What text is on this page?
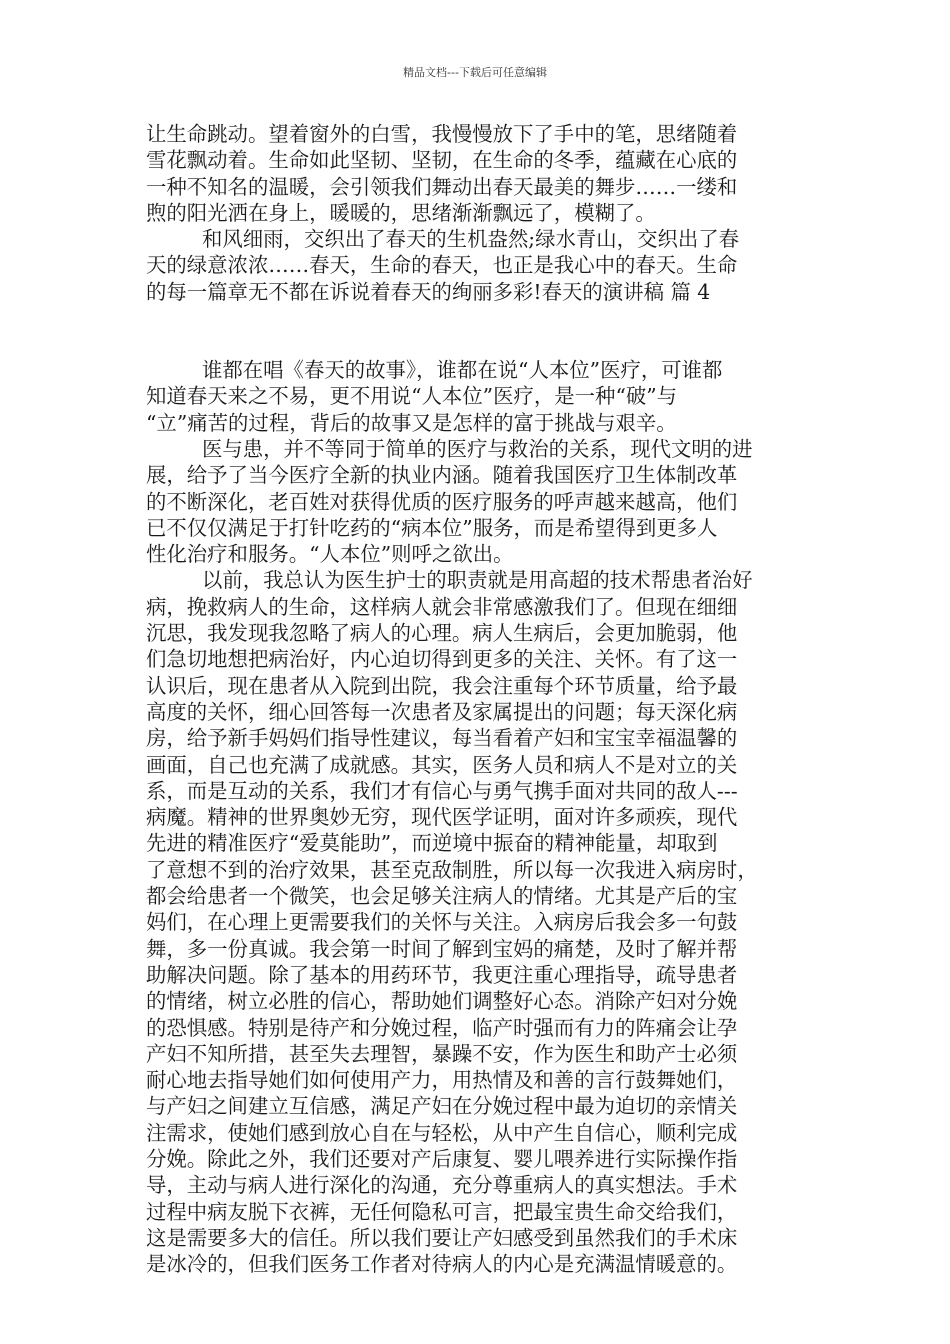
精品文档---下载后可任意编辑
让生命跳动。望着窗外的白雪，我慢慢放下了手中的笔，思绪随着
雪花飘动着。生命如此坚韧、坚韧，在生命的冬季，蕴藏在心底的
一种不知名的温暖，会引领我们舞动出春天最美的舞步……一缕和
煦的阳光洒在身上，暖暖的，思绪渐渐飘远了，模糊了。
和风细雨，交织出了春天的生机盎然;绿水青山，交织出了春
天的绿意浓浓……春天，生命的春天，也正是我心中的春天。生命
的每一篇章无不都在诉说着春天的绚丽多彩!春天的演讲稿 篇 4
谁都在唱《春天的故事》，谁都在说“人本位”医疗，可谁都
知道春天来之不易，更不用说“人本位”医疗，是一种“破”与
“立”痛苦的过程，背后的故事又是怎样的富于挑战与艰辛。
医与患，并不等同于简单的医疗与救治的关系，现代文明的进
展，给予了当今医疗全新的执业内涵。随着我国医疗卫生体制改革
的不断深化，老百姓对获得优质的医疗服务的呼声越来越高，他们
已不仅仅满足于打针吃药的“病本位”服务，而是希望得到更多人
性化治疗和服务。“人本位”则呼之欲出。
以前，我总认为医生护士的职责就是用高超的技术帮患者治好
病，挽救病人的生命，这样病人就会非常感激我们了。但现在细细
沉思，我发现我忽略了病人的心理。病人生病后，会更加脆弱，他
们急切地想把病治好，内心迫切得到更多的关注、关怀。有了这一
认识后，现在患者从入院到出院，我会注重每个环节质量，给予最
高度的关怀，细心回答每一次患者及家属提出的问题；每天深化病
房，给予新手妈妈们指导性建议，每当看着产妇和宝宝幸福温馨的
画面，自己也充满了成就感。其实，医务人员和病人不是对立的关
系，而是互动的关系，我们才有信心与勇气携手面对共同的敌人---
病魔。精神的世界奥妙无穷，现代医学证明，面对许多顽疾，现代
先进的精准医疗“爱莫能助”，而逆境中振奋的精神能量，却取到
了意想不到的治疗效果，甚至克敌制胜，所以每一次我进入病房时，
都会给患者一个微笑，也会足够关注病人的情绪。尤其是产后的宝
妈们，在心理上更需要我们的关怀与关注。入病房后我会多一句鼓
舞，多一份真诚。我会第一时间了解到宝妈的痛楚，及时了解并帮
助解决问题。除了基本的用药环节，我更注重心理指导，疏导患者
的情绪，树立必胜的信心，帮助她们调整好心态。消除产妇对分娩
的恐惧感。特别是待产和分娩过程，临产时强而有力的阵痛会让孕
产妇不知所措，甚至失去理智，暴躁不安，作为医生和助产士必须
耐心地去指导她们如何使用产力，用热情及和善的言行鼓舞她们，
与产妇之间建立互信感，满足产妇在分娩过程中最为迫切的亲情关
注需求，使她们感到放心自在与轻松，从中产生自信心，顺利完成
分娩。除此之外，我们还要对产后康复、婴儿喂养进行实际操作指
导，主动与病人进行深化的沟通，充分尊重病人的真实想法。手术
过程中病友脱下衣裤，无任何隐私可言，把最宝贵生命交给我们，
这是需要多大的信任。所以我们要让产妇感受到虽然我们的手术床
是冰冷的，但我们医务工作者对待病人的内心是充满温情暖意的。
